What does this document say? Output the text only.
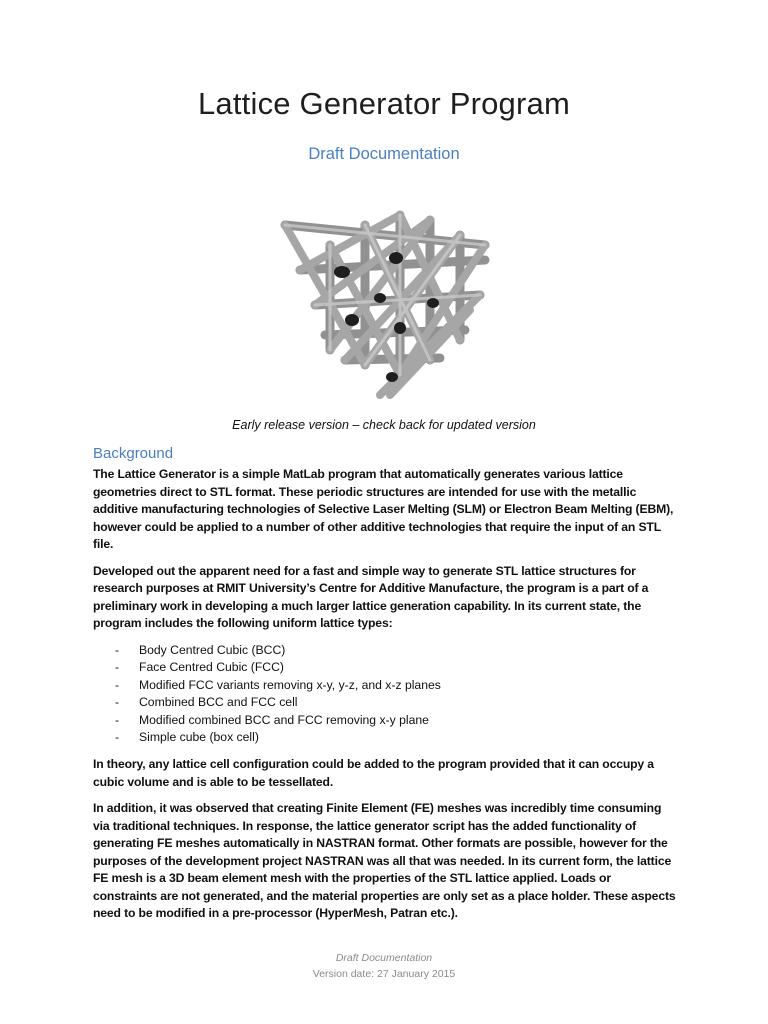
Lattice Generator Program
Draft Documentation
Early release version – check back for updated version
Background

The Lattice Generator is a simple MatLab program that automatically generates various lattice geometries direct to STL format. These periodic structures are intended for use with the metallic additive manufacturing technologies of Selective Laser Melting (SLM) or Electron Beam Melting (EBM), however could be applied to a number of other additive technologies that require the input of an STL file.

Developed out the apparent need for a fast and simple way to generate STL lattice structures for research purposes at RMIT University’s Centre for Additive Manufacture, the program is a part of a preliminary work in developing a much larger lattice generation capability. In its current state, the program includes the following uniform lattice types:

-	Body Centred Cubic (BCC)
-	Face Centred Cubic (FCC)
-	Modified FCC variants removing x-y, y-z, and x-z planes
-	Combined BCC and FCC cell
-	Modified combined BCC and FCC removing x-y plane
-	Simple cube (box cell)

In theory, any lattice cell configuration could be added to the program provided that it can occupy a cubic volume and is able to be tessellated.

In addition, it was observed that creating Finite Element (FE) meshes was incredibly time consuming via traditional techniques. In response, the lattice generator script has the added functionality of generating FE meshes automatically in NASTRAN format. Other formats are possible, however for the purposes of the development project NASTRAN was all that was needed. In its current form, the lattice FE mesh is a 3D beam element mesh with the properties of the STL lattice applied. Loads or constraints are not generated, and the material properties are only set as a place holder. These aspects need to be modified in a pre-processor (HyperMesh, Patran etc.).

Draft Documentation
Version date: 27 January 2015
